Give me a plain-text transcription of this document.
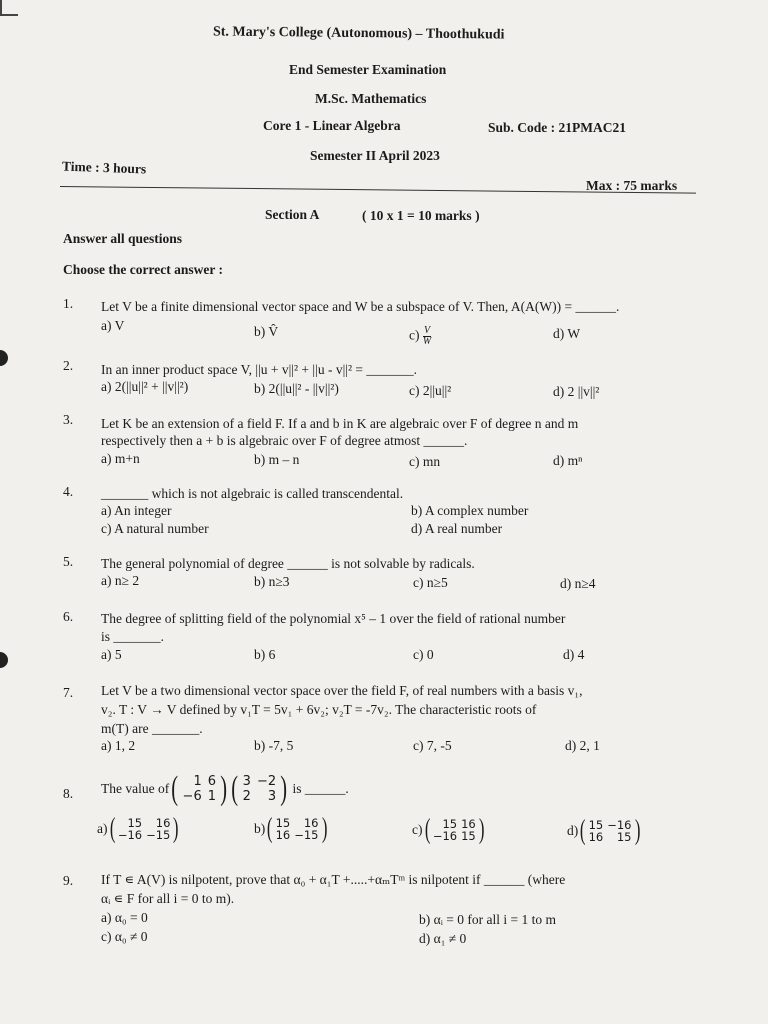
St. Mary's College (Autonomous) – Thoothukudi
End Semester Examination
M.Sc. Mathematics
Core 1 - Linear Algebra	Sub. Code : 21PMAC21
Semester II April 2023
Time : 3 hours
Max : 75 marks
Section A	( 10 x 1 = 10 marks )
Answer all questions
Choose the correct answer :
1. Let V be a finite dimensional vector space and W be a subspace of V. Then, A(A(W)) = ______.
a) V	b) V̂	$c) \frac{V}{W}$	d) W
2. In an inner product space V, ||u + v||² + ||u - v||² = _______.
a) 2(||u||² + ||v||²)	b) 2(||u||² - ||v||²)	c) 2||u||²	d) 2 ||v||²
3. Let K be an extension of a field F. If a and b in K are algebraic over F of degree n and m
respectively then a + b is algebraic over F of degree atmost ______.
a) m+n	b) m – n	c) mn	d) mⁿ
4. _______ which is not algebraic is called transcendental.
a) An integer	b) A complex number
c) A natural number	d) A real number
5. The general polynomial of degree ______ is not solvable by radicals.
a) n≥ 2	b) n≥3	c) n≥5	d) n≥4
6. The degree of splitting field of the polynomial x⁵ – 1 over the field of rational number
is _______.
a) 5	b) 6	c) 0	d) 4
7. Let V be a two dimensional vector space over the field F, of real numbers with a basis v₁,
v₂. T : V → V defined by v₁T = 5v₁ + 6v₂; v₂T = -7v₂. The characteristic roots of
m(T) are _______.
a) 1, 2	b) -7, 5	c) 7, -5	d) 2, 1
8. The value of ( 1	6
−6	1 ) ( 3	−2
2	3 ) is ______.
a) ( 15	16
−16	−15 )	b) ( 15	16
16	−15 )	c) ( 15	16
−16	15 )	d) ( 15	−16
16	15 )
9. If T ∊ A(V) is nilpotent, prove that α₀ + α₁T +.....+αₘTᵐ is nilpotent if ______ (where
αᵢ ∊ F for all i = 0 to m).
a) α₀ = 0	b) αᵢ = 0 for all i = 1 to m
c) α₀ ≠ 0	d) α₁ ≠ 0
